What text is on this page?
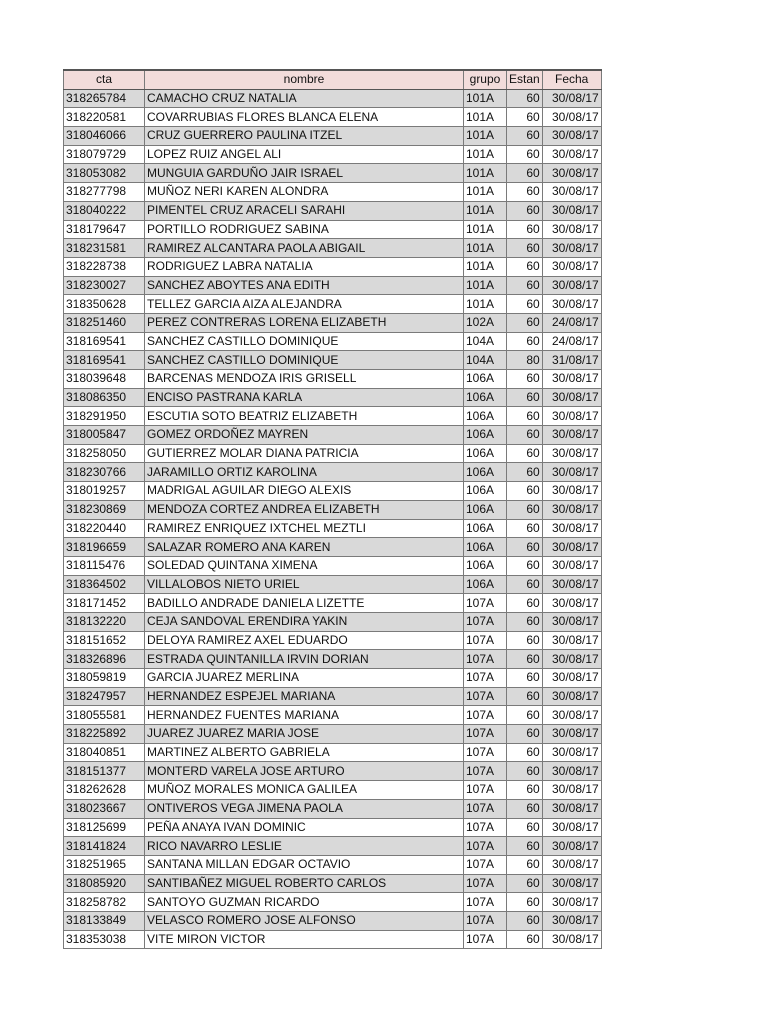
cta	nombre	grupo	Estan	Fecha
318265784	CAMACHO CRUZ NATALIA	101A	60	30/08/17
318220581	COVARRUBIAS FLORES BLANCA ELENA	101A	60	30/08/17
318046066	CRUZ GUERRERO PAULINA ITZEL	101A	60	30/08/17
318079729	LOPEZ RUIZ ANGEL ALI	101A	60	30/08/17
318053082	MUNGUIA GARDUÑO JAIR ISRAEL	101A	60	30/08/17
318277798	MUÑOZ NERI KAREN ALONDRA	101A	60	30/08/17
318040222	PIMENTEL CRUZ ARACELI SARAHI	101A	60	30/08/17
318179647	PORTILLO RODRIGUEZ SABINA	101A	60	30/08/17
318231581	RAMIREZ ALCANTARA PAOLA ABIGAIL	101A	60	30/08/17
318228738	RODRIGUEZ LABRA NATALIA	101A	60	30/08/17
318230027	SANCHEZ ABOYTES ANA EDITH	101A	60	30/08/17
318350628	TELLEZ GARCIA AIZA ALEJANDRA	101A	60	30/08/17
318251460	PEREZ CONTRERAS LORENA ELIZABETH	102A	60	24/08/17
318169541	SANCHEZ CASTILLO DOMINIQUE	104A	60	24/08/17
318169541	SANCHEZ CASTILLO DOMINIQUE	104A	80	31/08/17
318039648	BARCENAS MENDOZA IRIS GRISELL	106A	60	30/08/17
318086350	ENCISO PASTRANA KARLA	106A	60	30/08/17
318291950	ESCUTIA SOTO BEATRIZ ELIZABETH	106A	60	30/08/17
318005847	GOMEZ ORDOÑEZ MAYREN	106A	60	30/08/17
318258050	GUTIERREZ MOLAR DIANA PATRICIA	106A	60	30/08/17
318230766	JARAMILLO ORTIZ KAROLINA	106A	60	30/08/17
318019257	MADRIGAL AGUILAR DIEGO ALEXIS	106A	60	30/08/17
318230869	MENDOZA CORTEZ ANDREA ELIZABETH	106A	60	30/08/17
318220440	RAMIREZ ENRIQUEZ IXTCHEL MEZTLI	106A	60	30/08/17
318196659	SALAZAR ROMERO ANA KAREN	106A	60	30/08/17
318115476	SOLEDAD QUINTANA XIMENA	106A	60	30/08/17
318364502	VILLALOBOS NIETO URIEL	106A	60	30/08/17
318171452	BADILLO ANDRADE DANIELA LIZETTE	107A	60	30/08/17
318132220	CEJA SANDOVAL ERENDIRA YAKIN	107A	60	30/08/17
318151652	DELOYA RAMIREZ AXEL EDUARDO	107A	60	30/08/17
318326896	ESTRADA QUINTANILLA IRVIN DORIAN	107A	60	30/08/17
318059819	GARCIA JUAREZ MERLINA	107A	60	30/08/17
318247957	HERNANDEZ ESPEJEL MARIANA	107A	60	30/08/17
318055581	HERNANDEZ FUENTES MARIANA	107A	60	30/08/17
318225892	JUAREZ JUAREZ MARIA JOSE	107A	60	30/08/17
318040851	MARTINEZ ALBERTO GABRIELA	107A	60	30/08/17
318151377	MONTERD VARELA JOSE ARTURO	107A	60	30/08/17
318262628	MUÑOZ MORALES MONICA GALILEA	107A	60	30/08/17
318023667	ONTIVEROS VEGA JIMENA PAOLA	107A	60	30/08/17
318125699	PEÑA ANAYA IVAN DOMINIC	107A	60	30/08/17
318141824	RICO NAVARRO LESLIE	107A	60	30/08/17
318251965	SANTANA MILLAN EDGAR OCTAVIO	107A	60	30/08/17
318085920	SANTIBAÑEZ MIGUEL ROBERTO CARLOS	107A	60	30/08/17
318258782	SANTOYO GUZMAN RICARDO	107A	60	30/08/17
318133849	VELASCO ROMERO JOSE ALFONSO	107A	60	30/08/17
318353038	VITE MIRON VICTOR	107A	60	30/08/17
